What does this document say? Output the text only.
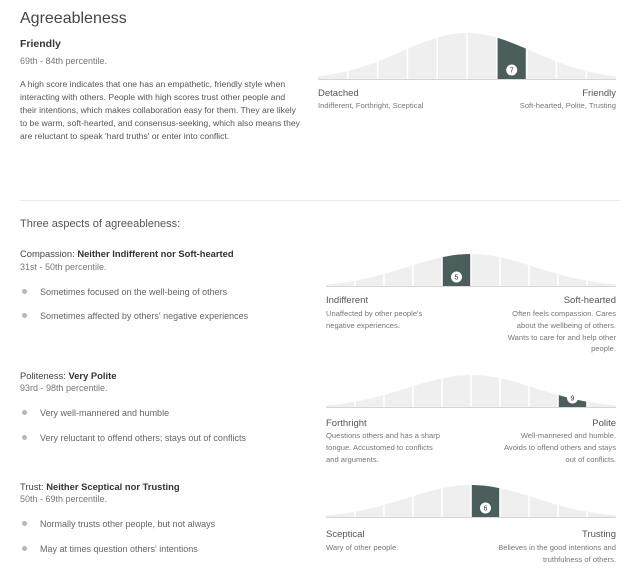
Agreeableness
Friendly
69th - 84th percentile.
A high score indicates that one has an empathetic, friendly style when interacting with others. People with high scores trust other people and their intentions, which makes collaboration easy for them. They are likely to be warm, soft-hearted, and consensus-seeking, which also means they are reluctant to speak 'hard truths' or enter into conflict.
7
Detached
Indifferent, Forthright, Sceptical
Friendly
Soft-hearted, Polite, Trusting
Three aspects of agreeableness:
Compassion: Neither Indifferent nor Soft-hearted
31st - 50th percentile.
Sometimes focused on the well-being of others
Sometimes affected by others' negative experiences
5
Indifferent
Unaffected by other people's
negative experiences.
Soft-hearted
Often feels compassion. Cares
about the wellbeing of others.
Wants to care for and help other
people.
Politeness: Very Polite
93rd - 98th percentile.
Very well-mannered and humble
Very reluctant to offend others; stays out of conflicts
9
Forthright
Questions others and has a sharp
tongue. Accustomed to conflicts
and arguments.
Polite
Well-mannered and humble.
Avoids to offend others and stays
out of conflicts.
Trust: Neither Sceptical nor Trusting
50th - 69th percentile.
Normally trusts other people, but not always
May at times question others' intentions
6
Sceptical
Wary of other people.
Trusting
Believes in the good intentions and
truthfulness of others.
